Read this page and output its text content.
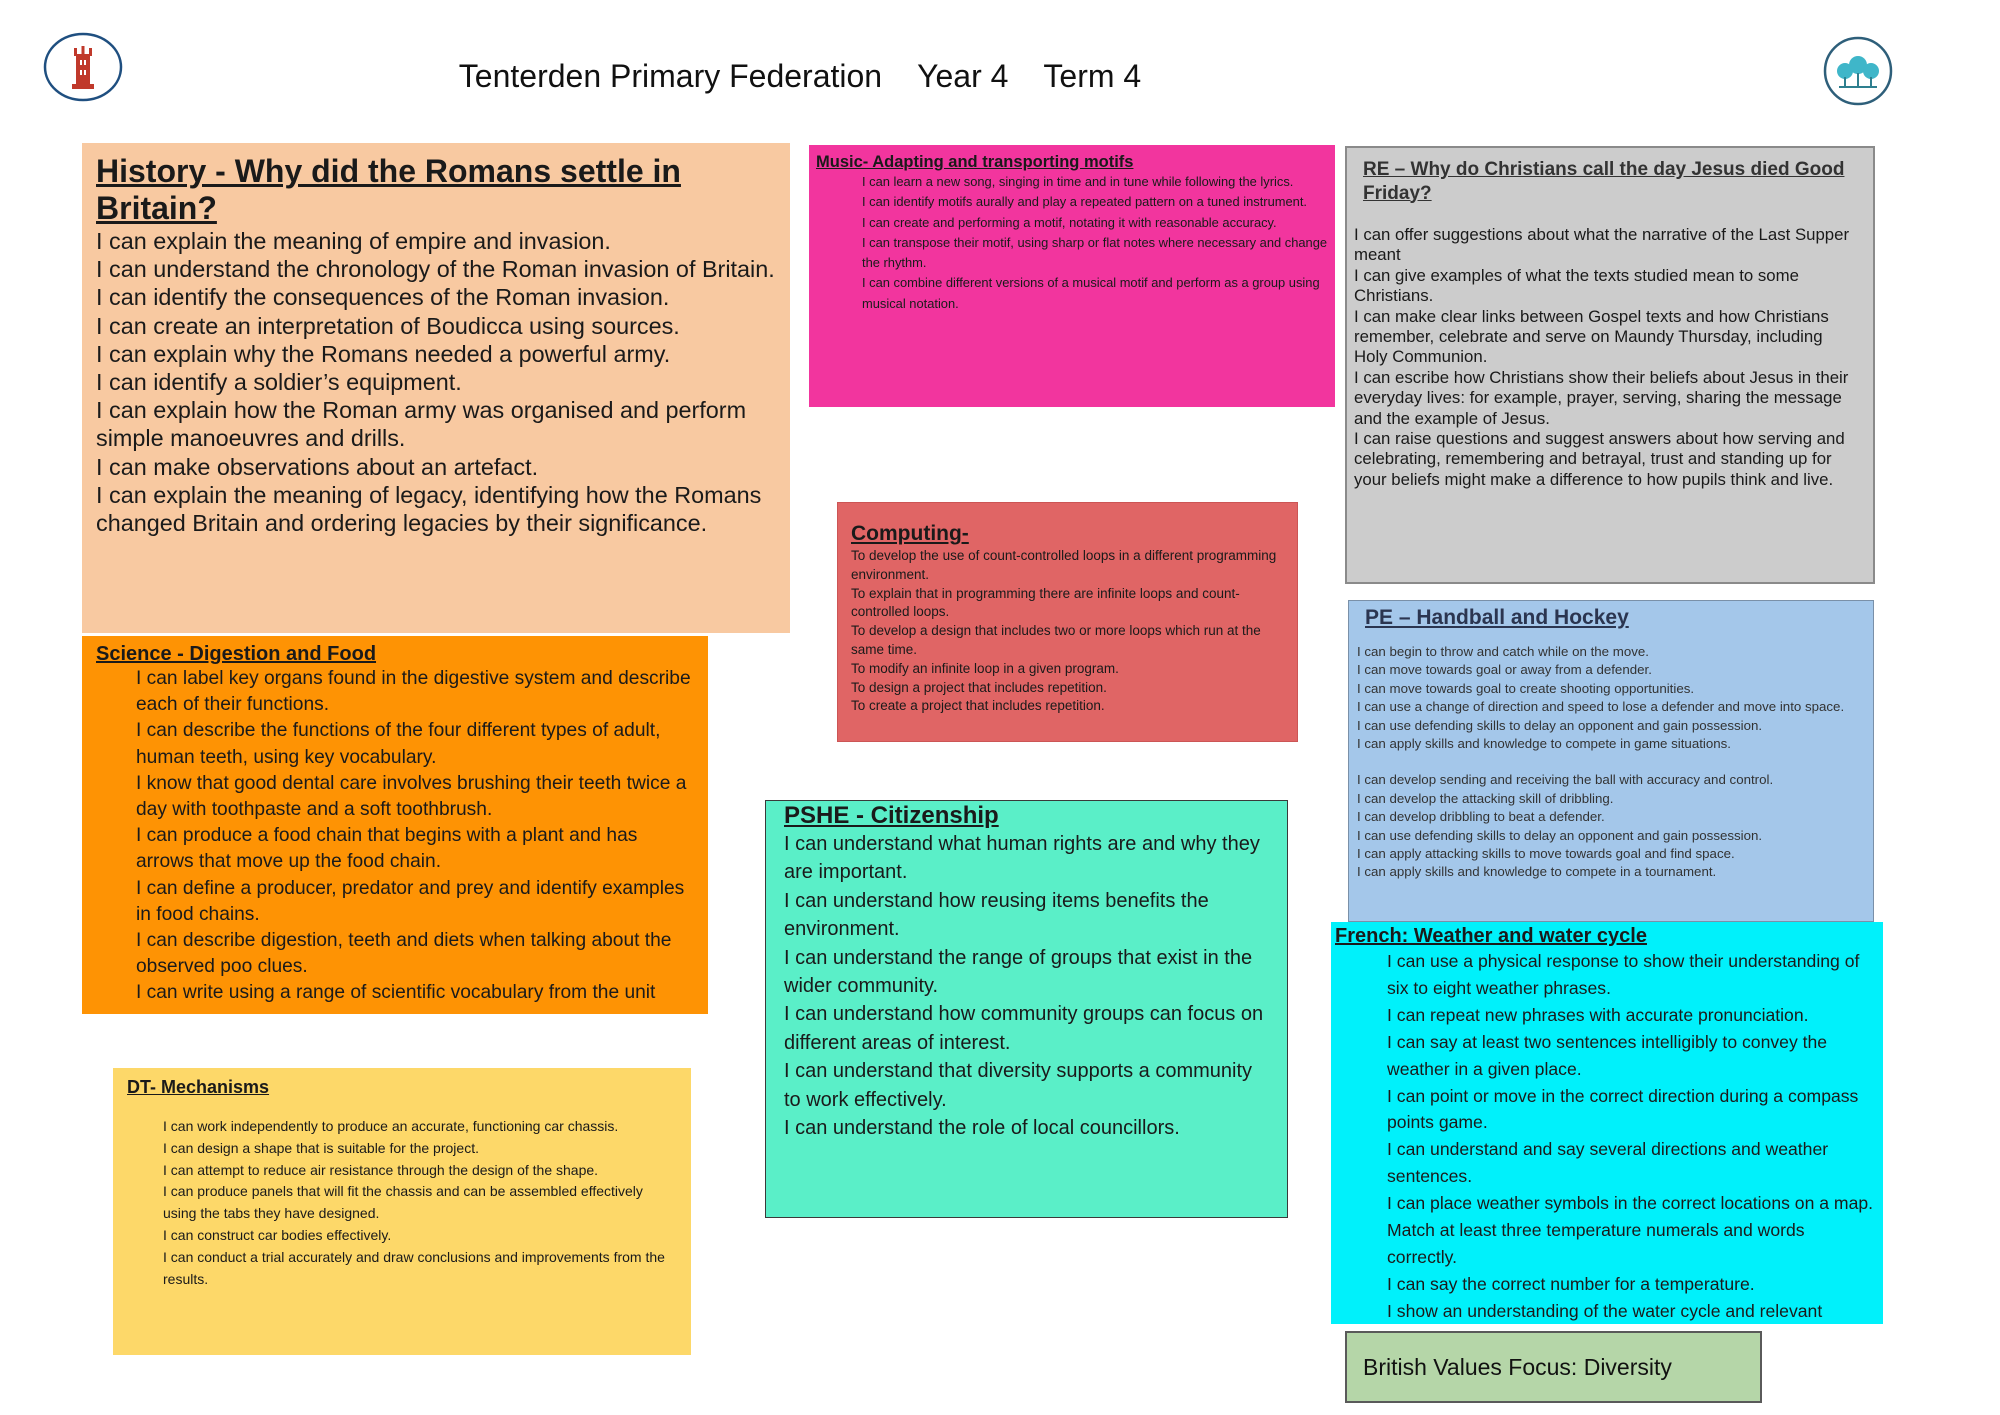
Tenterden Primary Federation    Year 4    Term 4
History - Why did the Romans settle in Britain?
I can explain the meaning of empire and invasion.
I can understand the chronology of the Roman invasion of Britain.
I can identify the consequences of the Roman invasion.
I can create an interpretation of Boudicca using sources.
I can explain why the Romans needed a powerful army.
I can identify a soldier’s equipment.
I can explain how the Roman army was organised and perform simple manoeuvres and drills.
I can make observations about an artefact.
I can explain the meaning of legacy, identifying how the Romans changed Britain and ordering legacies by their significance.
Science - Digestion and Food
I can label key organs found in the digestive system and describe each of their functions.
I can describe the functions of the four different types of adult, human teeth, using key vocabulary.
I know that good dental care involves brushing their teeth twice a day with toothpaste and a soft toothbrush.
I can produce a food chain that begins with a plant and has arrows that move up the food chain.
I can define a producer, predator and prey and identify examples in food chains.
I can describe digestion, teeth and diets when talking about the observed poo clues.
I can write using a range of scientific vocabulary from the unit
DT- Mechanisms
I can work independently to produce an accurate, functioning car chassis.
I can design a shape that is suitable for the project.
I can attempt to reduce air resistance through the design of the shape.
I can produce panels that will fit the chassis and can be assembled effectively using the tabs they have designed.
I can construct car bodies effectively.
I can conduct a trial accurately and draw conclusions and improvements from the results.
Music- Adapting and transporting motifs
I can learn a new song, singing in time and in tune while following the lyrics.
I can identify motifs aurally and play a repeated pattern on a tuned instrument.
I can create and performing a motif, notating it with reasonable accuracy.
I can transpose their motif, using sharp or flat notes where necessary and change the rhythm.
I can combine different versions of a musical motif and perform as a group using musical notation.
Computing-
To develop the use of count-controlled loops in a different programming environment.
To explain that in programming there are infinite loops and count-controlled loops.
To develop a design that includes two or more loops which run at the same time.
To modify an infinite loop in a given program.
To design a project that includes repetition.
To create a project that includes repetition.
PSHE - Citizenship
I can understand what human rights are and why they are important.
I can understand how reusing items benefits the environment.
I can understand the range of groups that exist in the wider community.
I can understand how community groups can focus on different areas of interest.
I can understand that diversity supports a community to work effectively.
I can understand the role of local councillors.
RE – Why do Christians call the day Jesus died Good Friday?
I can offer suggestions about what the narrative of the Last Supper meant
I can give examples of what the texts studied mean to some Christians.
I can make clear links between Gospel texts and how Christians remember, celebrate and serve on Maundy Thursday, including Holy Communion.
I can escribe how Christians show their beliefs about Jesus in their everyday lives: for example, prayer, serving, sharing the message and the example of Jesus.
I can raise questions and suggest answers about how serving and celebrating, remembering and betrayal, trust and standing up for your beliefs might make a difference to how pupils think and live.
PE – Handball and Hockey
I can begin to throw and catch while on the move.
I can move towards goal or away from a defender.
I can move towards goal to create shooting opportunities.
I can use a change of direction and speed to lose a defender and move into space.
I can use defending skills to delay an opponent and gain possession.
I can apply skills and knowledge to compete in game situations.
I can develop sending and receiving the ball with accuracy and control.
I can develop the attacking skill of dribbling.
I can develop dribbling to beat a defender.
I can use defending skills to delay an opponent and gain possession.
I can apply attacking skills to move towards goal and find space.
I can apply skills and knowledge to compete in a tournament.
French: Weather and water cycle
I can use a physical response to show their understanding of six to eight weather phrases.
I can repeat new phrases with accurate pronunciation.
I can say at least two sentences intelligibly to convey the weather in a given place.
I can point or move in the correct direction during a compass points game.
I can understand and say several directions and weather sentences.
I can place weather symbols in the correct locations on a map. Match at least three temperature numerals and words correctly.
I can say the correct number for a temperature.
I show an understanding of the water cycle and relevant
British Values Focus: Diversity
